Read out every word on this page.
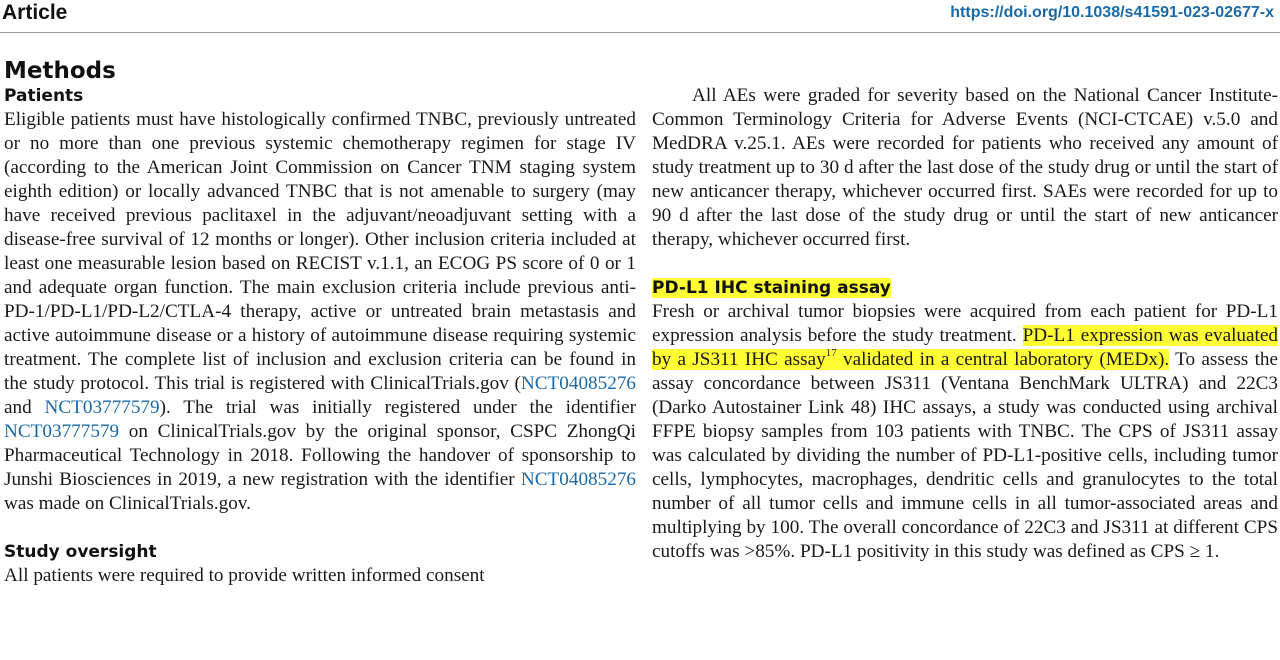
Article	https://doi.org/10.1038/s41591-023-02677-x
Methods
Patients
Eligible patients must have histologically confirmed TNBC, previously untreated or no more than one previous systemic chemotherapy regimen for stage IV (according to the American Joint Commission on Cancer TNM staging system eighth edition) or locally advanced TNBC that is not amenable to surgery (may have received previous paclitaxel in the adjuvant/neoadjuvant setting with a disease-free survival of 12 months or longer). Other inclusion criteria included at least one measurable lesion based on RECIST v.1.1, an ECOG PS score of 0 or 1 and adequate organ function. The main exclusion criteria include previous anti-PD-1/PD-L1/PD-L2/CTLA-4 therapy, active or untreated brain metastasis and active autoimmune disease or a history of autoimmune disease requiring systemic treatment. The complete list of inclusion and exclusion criteria can be found in the study protocol. This trial is registered with ClinicalTrials.gov (NCT04085276 and NCT03777579). The trial was initially registered under the identifier NCT03777579 on ClinicalTrials.gov by the original sponsor, CSPC ZhongQi Pharmaceutical Technology in 2018. Following the handover of sponsorship to Junshi Biosciences in 2019, a new registration with the identifier NCT04085276 was made on ClinicalTrials.gov.
Study oversight
All patients were required to provide written informed consent
All AEs were graded for severity based on the National Cancer Institute-Common Terminology Criteria for Adverse Events (NCI-CTCAE) v.5.0 and MedDRA v.25.1. AEs were recorded for patients who received any amount of study treatment up to 30 d after the last dose of the study drug or until the start of new anticancer therapy, whichever occurred first. SAEs were recorded for up to 90 d after the last dose of the study drug or until the start of new anticancer therapy, whichever occurred first.
PD-L1 IHC staining assay
Fresh or archival tumor biopsies were acquired from each patient for PD-L1 expression analysis before the study treatment. PD-L1 expression was evaluated by a JS311 IHC assay$^{17}$ validated in a central laboratory (MEDx). To assess the assay concordance between JS311 (Ventana BenchMark ULTRA) and 22C3 (Darko Autostainer Link 48) IHC assays, a study was conducted using archival FFPE biopsy samples from 103 patients with TNBC. The CPS of JS311 assay was calculated by dividing the number of PD-L1-positive cells, including tumor cells, lymphocytes, macrophages, dendritic cells and granulocytes to the total number of all tumor cells and immune cells in all tumor-associated areas and multiplying by 100. The overall concordance of 22C3 and JS311 at different CPS cutoffs was >85%. PD-L1 positivity in this study was defined as CPS ≥ 1.
